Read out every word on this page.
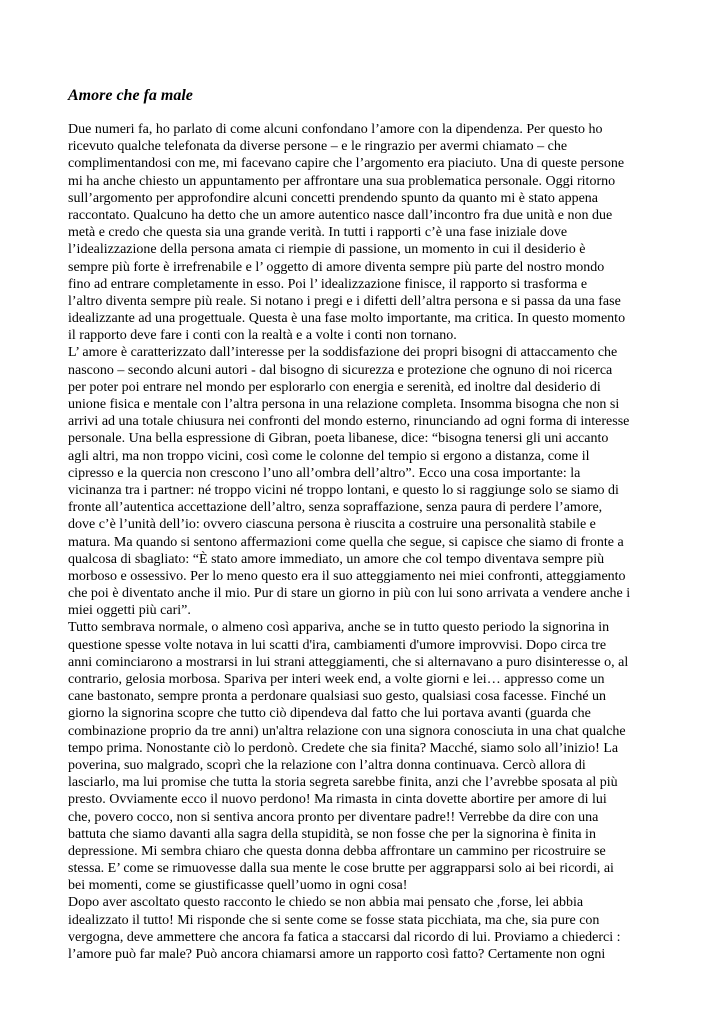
Amore che fa male
Due numeri fa, ho parlato di come alcuni confondano l’amore con la dipendenza. Per questo ho
ricevuto qualche telefonata da diverse persone – e le ringrazio per avermi chiamato – che
complimentandosi con me, mi facevano capire che l’argomento era piaciuto. Una di queste persone
mi ha anche chiesto un appuntamento per affrontare una sua problematica personale. Oggi ritorno
sull’argomento per approfondire alcuni concetti prendendo spunto da quanto mi è stato appena
raccontato. Qualcuno ha detto che un amore autentico nasce dall’incontro fra due unità e non due
metà e credo che questa sia una grande verità. In tutti i rapporti c’è una fase iniziale dove
l’idealizzazione della persona amata ci riempie di passione, un momento in cui il desiderio è
sempre più forte è irrefrenabile e l’ oggetto di amore diventa sempre più parte del nostro mondo
fino ad entrare completamente in esso. Poi l’ idealizzazione finisce, il rapporto si trasforma e
l’altro diventa sempre più reale. Si notano i pregi e i difetti dell’altra persona e si passa da una fase
idealizzante ad una progettuale. Questa è una fase molto importante, ma critica. In questo momento
il rapporto deve fare i conti con la realtà e a volte i conti non tornano.
L’ amore è caratterizzato dall’interesse per la soddisfazione dei propri bisogni di attaccamento che
nascono – secondo alcuni autori - dal bisogno di sicurezza e protezione che ognuno di noi ricerca
per poter poi entrare nel mondo per esplorarlo con energia e serenità, ed inoltre dal desiderio di
unione fisica e mentale con l’altra persona in una relazione completa. Insomma bisogna che non si
arrivi ad una totale chiusura nei confronti del mondo esterno, rinunciando ad ogni forma di interesse
personale. Una bella espressione di Gibran, poeta libanese, dice: “bisogna tenersi gli uni accanto
agli altri, ma non troppo vicini, così come le colonne del tempio si ergono a distanza, come il
cipresso e la quercia non crescono l’uno all’ombra dell’altro”. Ecco una cosa importante: la
vicinanza tra i partner: né troppo vicini né troppo lontani, e questo lo si raggiunge solo se siamo di
fronte all’autentica accettazione dell’altro, senza sopraffazione, senza paura di perdere l’amore,
dove c’è l’unità dell’io: ovvero ciascuna persona è riuscita a costruire una personalità stabile e
matura. Ma quando si sentono affermazioni come quella che segue, si capisce che siamo di fronte a
qualcosa di sbagliato: “È stato amore immediato, un amore che col tempo diventava sempre più
morboso e ossessivo. Per lo meno questo era il suo atteggiamento nei miei confronti, atteggiamento
che poi è diventato anche il mio. Pur di stare un giorno in più con lui sono arrivata a vendere anche i
miei oggetti più cari”.
Tutto sembrava normale, o almeno così appariva, anche se in tutto questo periodo la signorina in
questione spesse volte notava in lui scatti d'ira, cambiamenti d'umore improvvisi. Dopo circa tre
anni cominciarono a mostrarsi in lui strani atteggiamenti, che si alternavano a puro disinteresse o, al
contrario, gelosia morbosa. Spariva per interi week end, a volte giorni e lei… appresso come un
cane bastonato, sempre pronta a perdonare qualsiasi suo gesto, qualsiasi cosa facesse. Finché un
giorno la signorina scopre che tutto ciò dipendeva dal fatto che lui portava avanti (guarda che
combinazione proprio da tre anni) un'altra relazione con una signora conosciuta in una chat qualche
tempo prima. Nonostante ciò lo perdonò. Credete che sia finita? Macché, siamo solo all’inizio! La
poverina, suo malgrado, scoprì che la relazione con l’altra donna continuava. Cercò allora di
lasciarlo, ma lui promise che tutta la storia segreta sarebbe finita, anzi che l’avrebbe sposata al più
presto. Ovviamente ecco il nuovo perdono! Ma rimasta in cinta dovette abortire per amore di lui
che, povero cocco, non si sentiva ancora pronto per diventare padre!! Verrebbe da dire con una
battuta che siamo davanti alla sagra della stupidità, se non fosse che per la signorina è finita in
depressione. Mi sembra chiaro che questa donna debba affrontare un cammino per ricostruire se
stessa. E’ come se rimuovesse dalla sua mente le cose brutte per aggrapparsi solo ai bei ricordi, ai
bei momenti, come se giustificasse quell’uomo in ogni cosa!
Dopo aver ascoltato questo racconto le chiedo se non abbia mai pensato che ,forse, lei abbia
idealizzato il tutto! Mi risponde che si sente come se fosse stata picchiata, ma che, sia pure con
vergogna, deve ammettere che ancora fa fatica a staccarsi dal ricordo di lui. Proviamo a chiederci :
l’amore può far male? Può ancora chiamarsi amore un rapporto così fatto? Certamente non ogni
